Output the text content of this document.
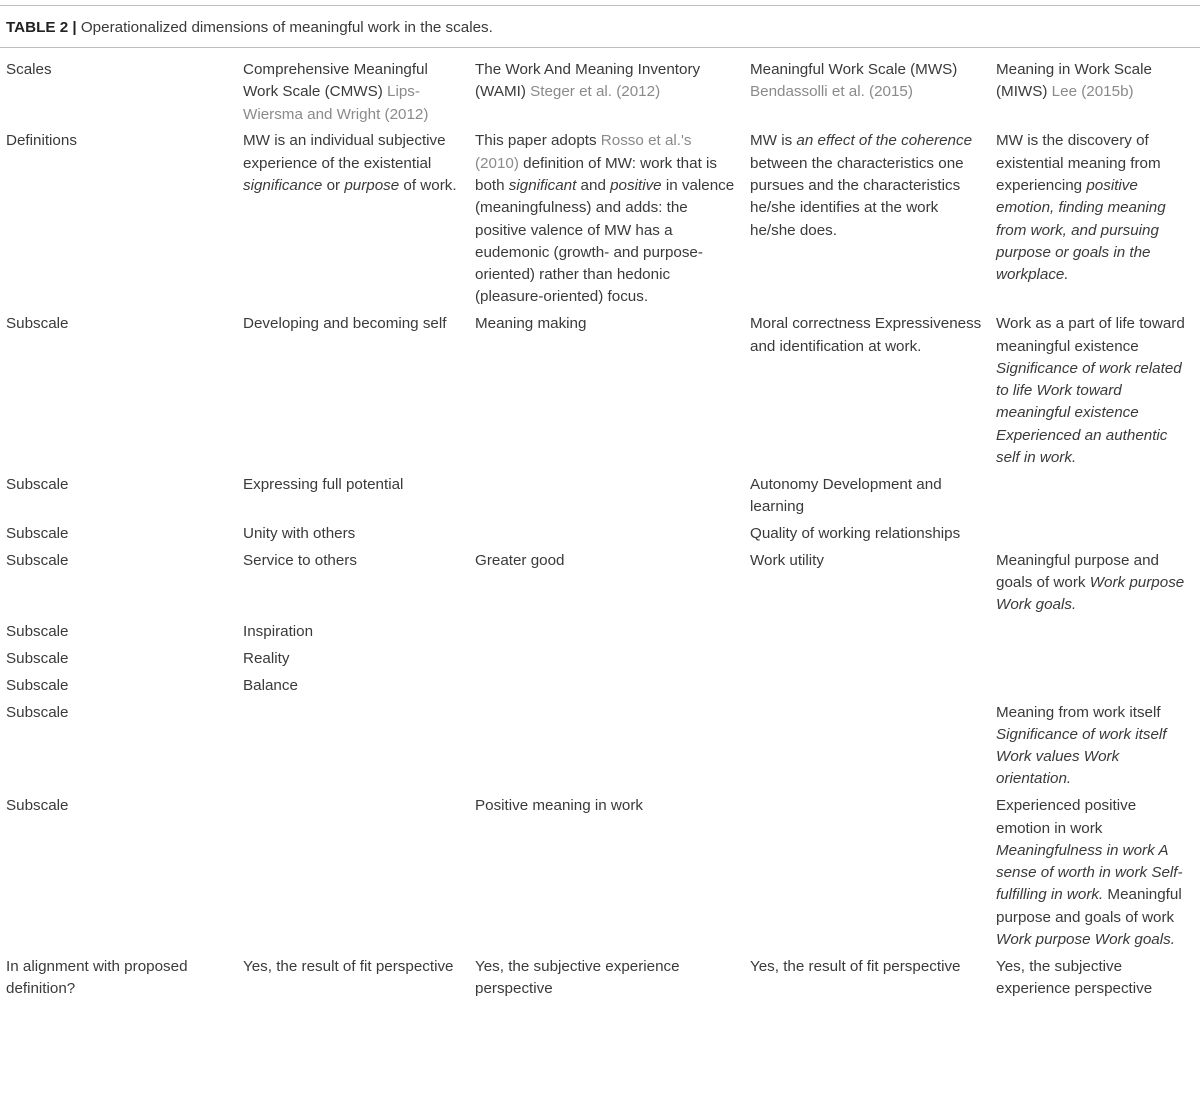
TABLE 2 | Operationalized dimensions of meaningful work in the scales.
Scales	Comprehensive Meaningful Work Scale (CMWS) Lips-Wiersma and Wright (2012)	The Work And Meaning Inventory (WAMI) Steger et al. (2012)	Meaningful Work Scale (MWS) Bendassolli et al. (2015)	Meaning in Work Scale (MIWS) Lee (2015b)
Definitions	MW is an individual subjective experience of the existential significance or purpose of work.	This paper adopts Rosso et al.'s (2010) definition of MW: work that is both significant and positive in valence (meaningfulness) and adds: the positive valence of MW has a eudemonic (growth- and purpose-oriented) rather than hedonic (pleasure-oriented) focus.	MW is an effect of the coherence between the characteristics one pursues and the characteristics he/she identifies at the work he/she does.	MW is the discovery of existential meaning from experiencing positive emotion, finding meaning from work, and pursuing purpose or goals in the workplace.
Subscale	Developing and becoming self	Meaning making	Moral correctness Expressiveness and identification at work.	Work as a part of life toward meaningful existence Significance of work related to life Work toward meaningful existence Experienced an authentic self in work.
Subscale	Expressing full potential		Autonomy Development and learning	
Subscale	Unity with others		Quality of working relationships	
Subscale	Service to others	Greater good	Work utility	Meaningful purpose and goals of work Work purpose Work goals.
Subscale	Inspiration			
Subscale	Reality			
Subscale	Balance			
Subscale				Meaning from work itself Significance of work itself Work values Work orientation.
Subscale		Positive meaning in work		Experienced positive emotion in work Meaningfulness in work A sense of worth in work Self-fulfilling in work. Meaningful purpose and goals of work Work purpose Work goals.
In alignment with proposed definition?	Yes, the result of fit perspective	Yes, the subjective experience perspective	Yes, the result of fit perspective	Yes, the subjective experience perspective
